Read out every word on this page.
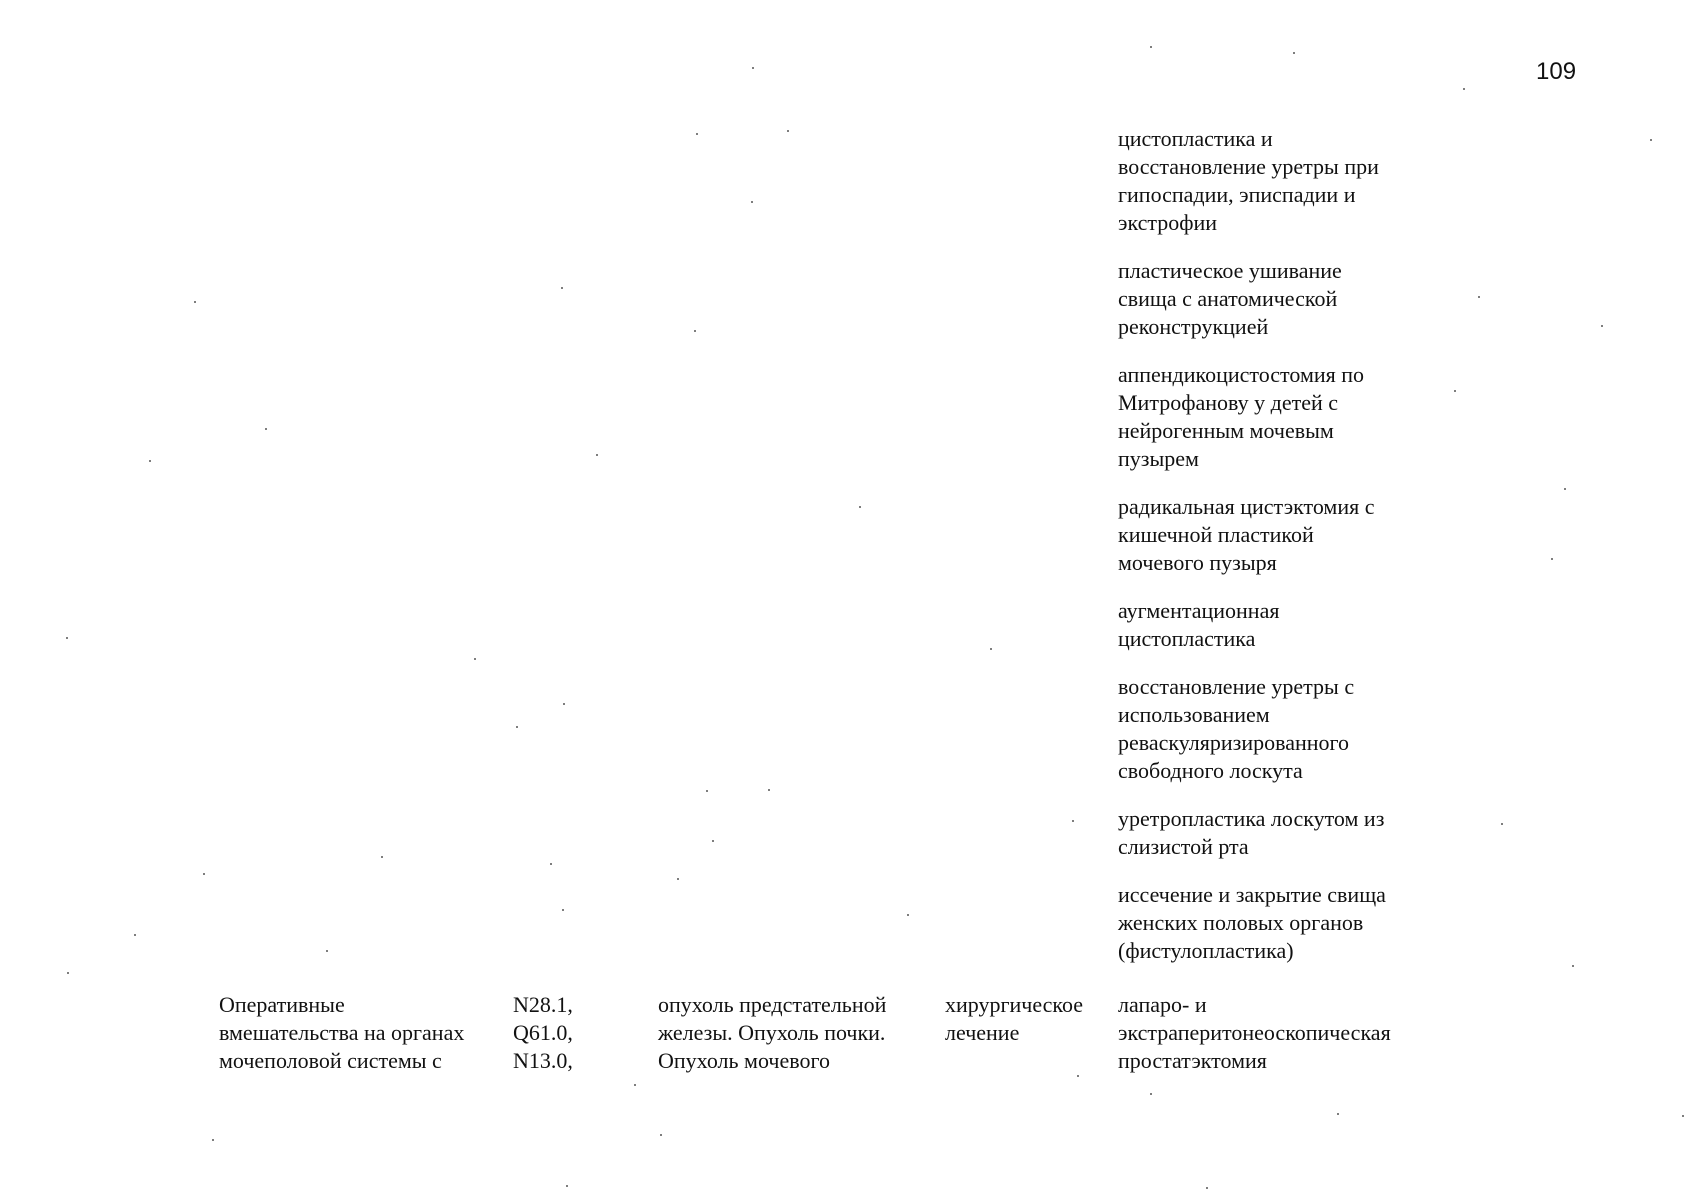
109

цистопластика и
восстановление уретры при
гипоспадии, эписпадии и
экстрофии

пластическое ушивание
свища с анатомической
реконструкцией

аппендикоцистостомия по
Митрофанову у детей с
нейрогенным мочевым
пузырем

радикальная цистэктомия с
кишечной пластикой
мочевого пузыря

аугментационная
цистопластика

восстановление уретры с
использованием
реваскуляризированного
свободного лоскута

уретропластика лоскутом из
слизистой рта

иссечение и закрытие свища
женских половых органов
(фистулопластика)

Оперативные
вмешательства на органах
мочеполовой системы с
N28.1,
Q61.0,
N13.0,
опухоль предстательной
железы. Опухоль почки.
Опухоль мочевого
хирургическое
лечение
лапаро- и
экстраперитонеоскопическая
простатэктомия
